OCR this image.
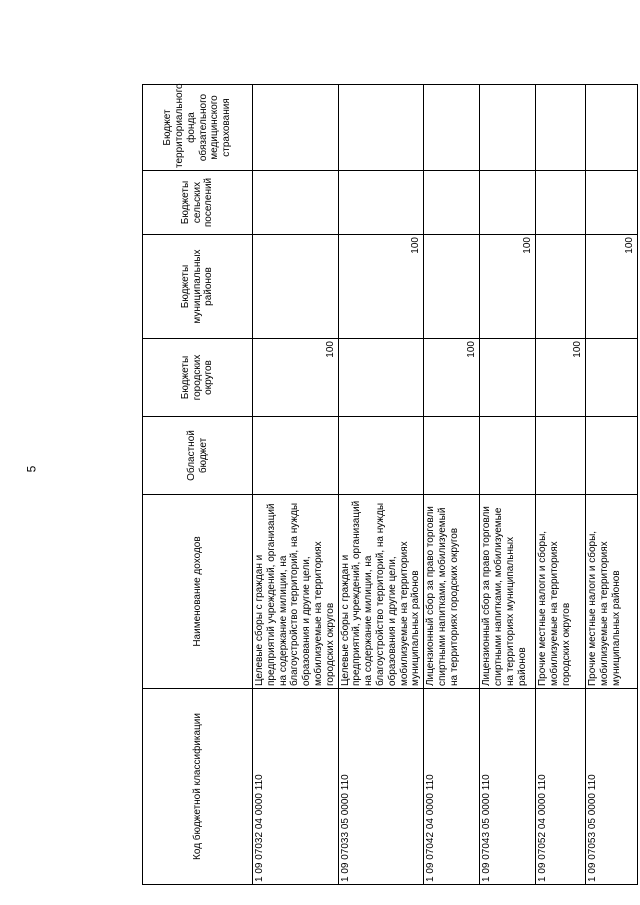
5
Код бюджетной классификации	Наименование доходов	Областной бюджет	Бюджеты городских округов	Бюджеты муниципальных районов	Бюджеты сельских поселений	Бюджет территориального фонда обязательного медицинского страхования
1 09 07032 04 0000 110	Целевые сборы с граждан и предприятий учреждений, организаций на содержание милиции, на благоустройство территорий, на нужды образования и другие цели, мобилизуемые на территориях городских округов		100			
1 09 07033 05 0000 110	Целевые сборы с граждан и предприятий, учреждений, организаций на содержание милиции, на благоустройство территорий, на нужды образования и другие цели, мобилизуемые на территориях муниципальных районов			100		
1 09 07042 04 0000 110	Лицензионный сбор за право торговли спиртными напитками, мобилизуемый на территориях городских округов		100			
1 09 07043 05 0000 110	Лицензионный сбор за право торговли спиртными напитками, мобилизуемые на территориях муниципальных районов			100		
1 09 07052 04 0000 110	Прочие местные налоги и сборы, мобилизуемые на территориях городских округов		100			
1 09 07053 05 0000 110	Прочие местные налоги и сборы, мобилизуемые на территориях муниципальных районов			100		
